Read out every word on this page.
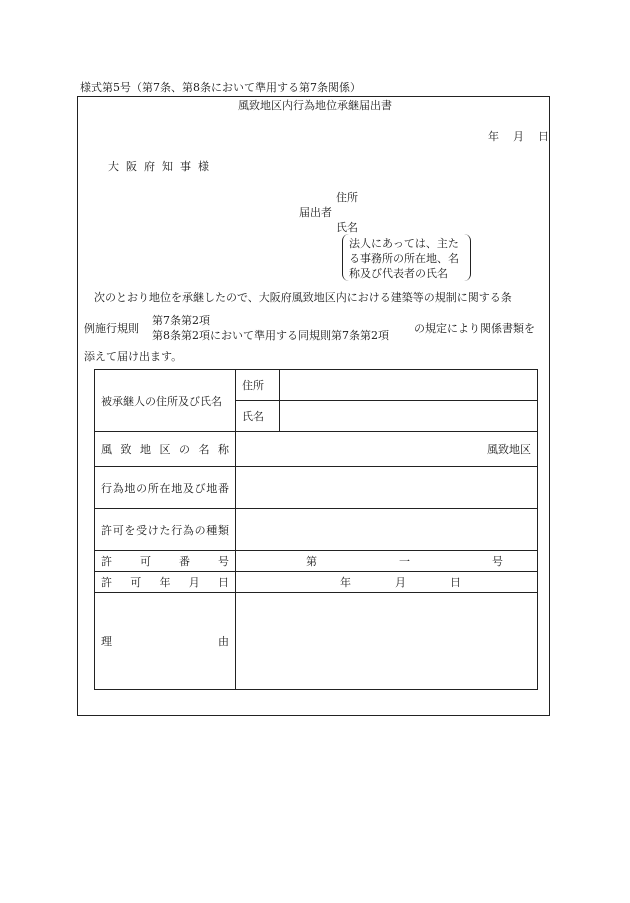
様式第5号（第7条、第8条において準用する第7条関係）
風致地区内行為地位承継届出書
年 月 日
大 阪 府 知 事 様
住所
届出者
氏名
法人にあっては、主た
る事務所の所在地、名
称及び代表者の氏名
次のとおり地位を承継したので、大阪府風致地区内における建築等の規制に関する条
例施行規則
第7条第2項
第8条第2項において準用する同規則第7条第2項
の規定により関係書類を
添えて届け出ます。
被承継人の住所及び氏名	住所	
	氏名	
風致地区の名称	風致地区	
行為地の所在地及び地番		
許可を受けた行為の種類		
許可番号	第 一 号	

許可年月日	年 月 日	

理 由		
